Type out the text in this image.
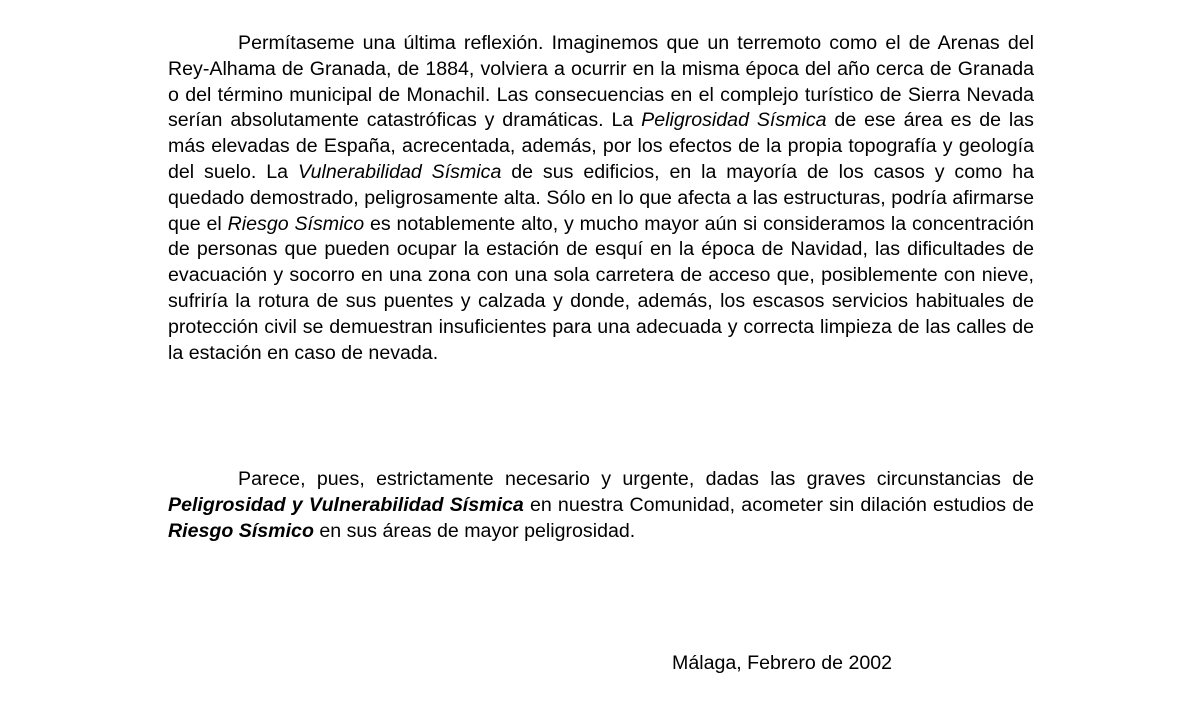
Permítaseme una última reflexión. Imaginemos que un terremoto como el de Arenas del Rey-Alhama de Granada, de 1884, volviera a ocurrir en la misma época del año cerca de Granada o del término municipal de Monachil. Las consecuencias en el complejo turístico de Sierra Nevada serían absolutamente catastróficas y dramáticas. La Peligrosidad Sísmica de ese área es de las más elevadas de España, acrecentada, además, por los efectos de la propia topografía y geología del suelo. La Vulnerabilidad Sísmica de sus edificios, en la mayoría de los casos y como ha quedado demostrado, peligrosamente alta. Sólo en lo que afecta a las estructuras, podría afirmarse que el Riesgo Sísmico es notablemente alto, y mucho mayor aún si consideramos la concentración de personas que pueden ocupar la estación de esquí en la época de Navidad, las dificultades de evacuación y socorro en una zona con una sola carretera de acceso que, posiblemente con nieve, sufriría la rotura de sus puentes y calzada y donde, además, los escasos servicios habituales de protección civil se demuestran insuficientes para una adecuada y correcta limpieza de las calles de la estación en caso de nevada.

Parece, pues, estrictamente necesario y urgente, dadas las graves circunstancias de Peligrosidad y Vulnerabilidad Sísmica en nuestra Comunidad, acometer sin dilación estudios de Riesgo Sísmico en sus áreas de mayor peligrosidad.

Málaga, Febrero de 2002
